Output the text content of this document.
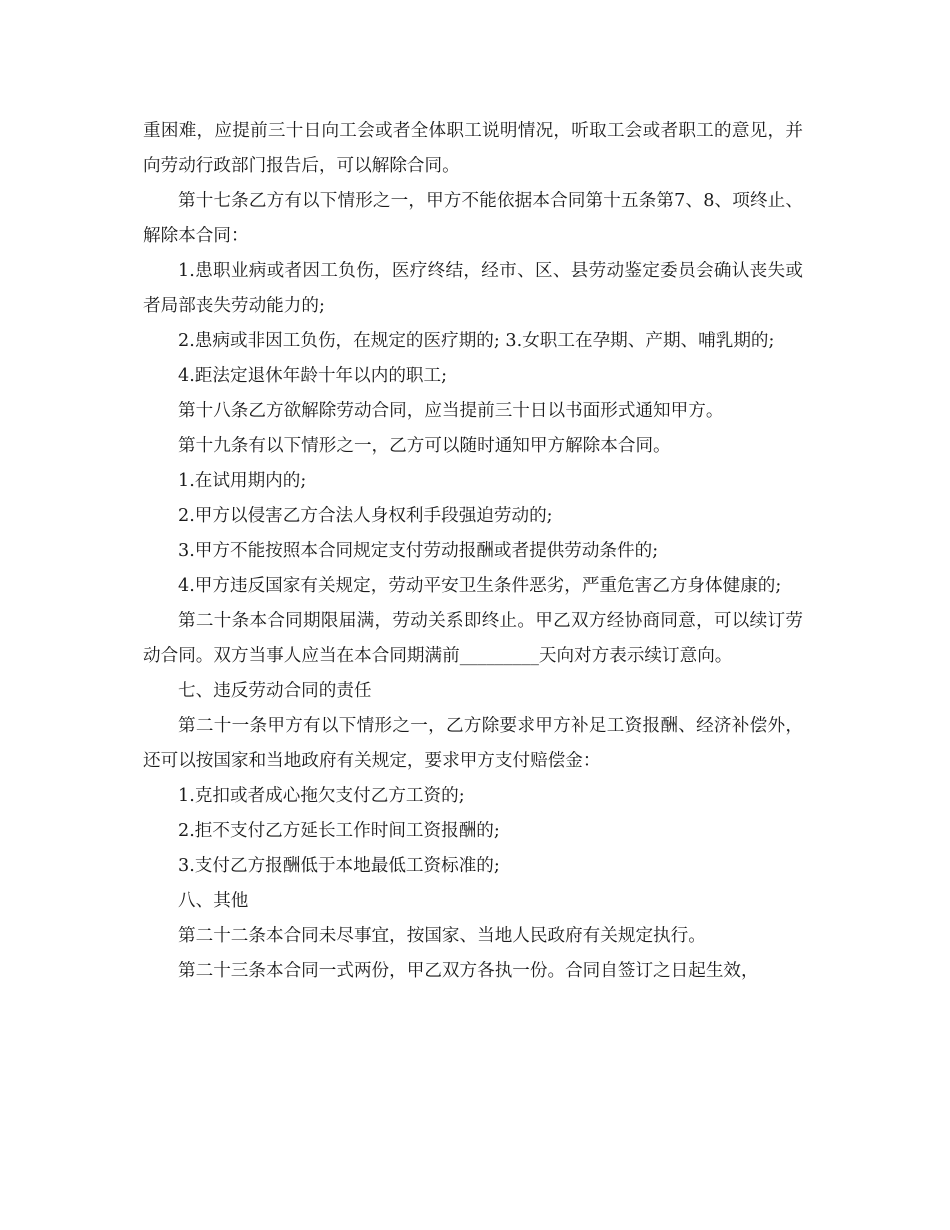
重困难，应提前三十日向工会或者全体职工说明情况，听取工会或者职工的意见，并向劳动行政部门报告后，可以解除合同。

第十七条乙方有以下情形之一，甲方不能依据本合同第十五条第7、8、项终止、解除本合同：

1.患职业病或者因工负伤，医疗终结，经市、区、县劳动鉴定委员会确认丧失或者局部丧失劳动能力的;

2.患病或非因工负伤，在规定的医疗期的; 3.女职工在孕期、产期、哺乳期的;

4.距法定退休年龄十年以内的职工;

第十八条乙方欲解除劳动合同，应当提前三十日以书面形式通知甲方。

第十九条有以下情形之一，乙方可以随时通知甲方解除本合同。

1.在试用期内的;

2.甲方以侵害乙方合法人身权利手段强迫劳动的;

3.甲方不能按照本合同规定支付劳动报酬或者提供劳动条件的;

4.甲方违反国家有关规定，劳动平安卫生条件恶劣，严重危害乙方身体健康的;

第二十条本合同期限届满，劳动关系即终止。甲乙双方经协商同意，可以续订劳动合同。双方当事人应当在本合同期满前_________天向对方表示续订意向。

七、违反劳动合同的责任

第二十一条甲方有以下情形之一，乙方除要求甲方补足工资报酬、经济补偿外，还可以按国家和当地政府有关规定，要求甲方支付赔偿金：

1.克扣或者成心拖欠支付乙方工资的;

2.拒不支付乙方延长工作时间工资报酬的;

3.支付乙方报酬低于本地最低工资标准的;

八、其他

第二十二条本合同未尽事宜，按国家、当地人民政府有关规定执行。

第二十三条本合同一式两份，甲乙双方各执一份。合同自签订之日起生效，
